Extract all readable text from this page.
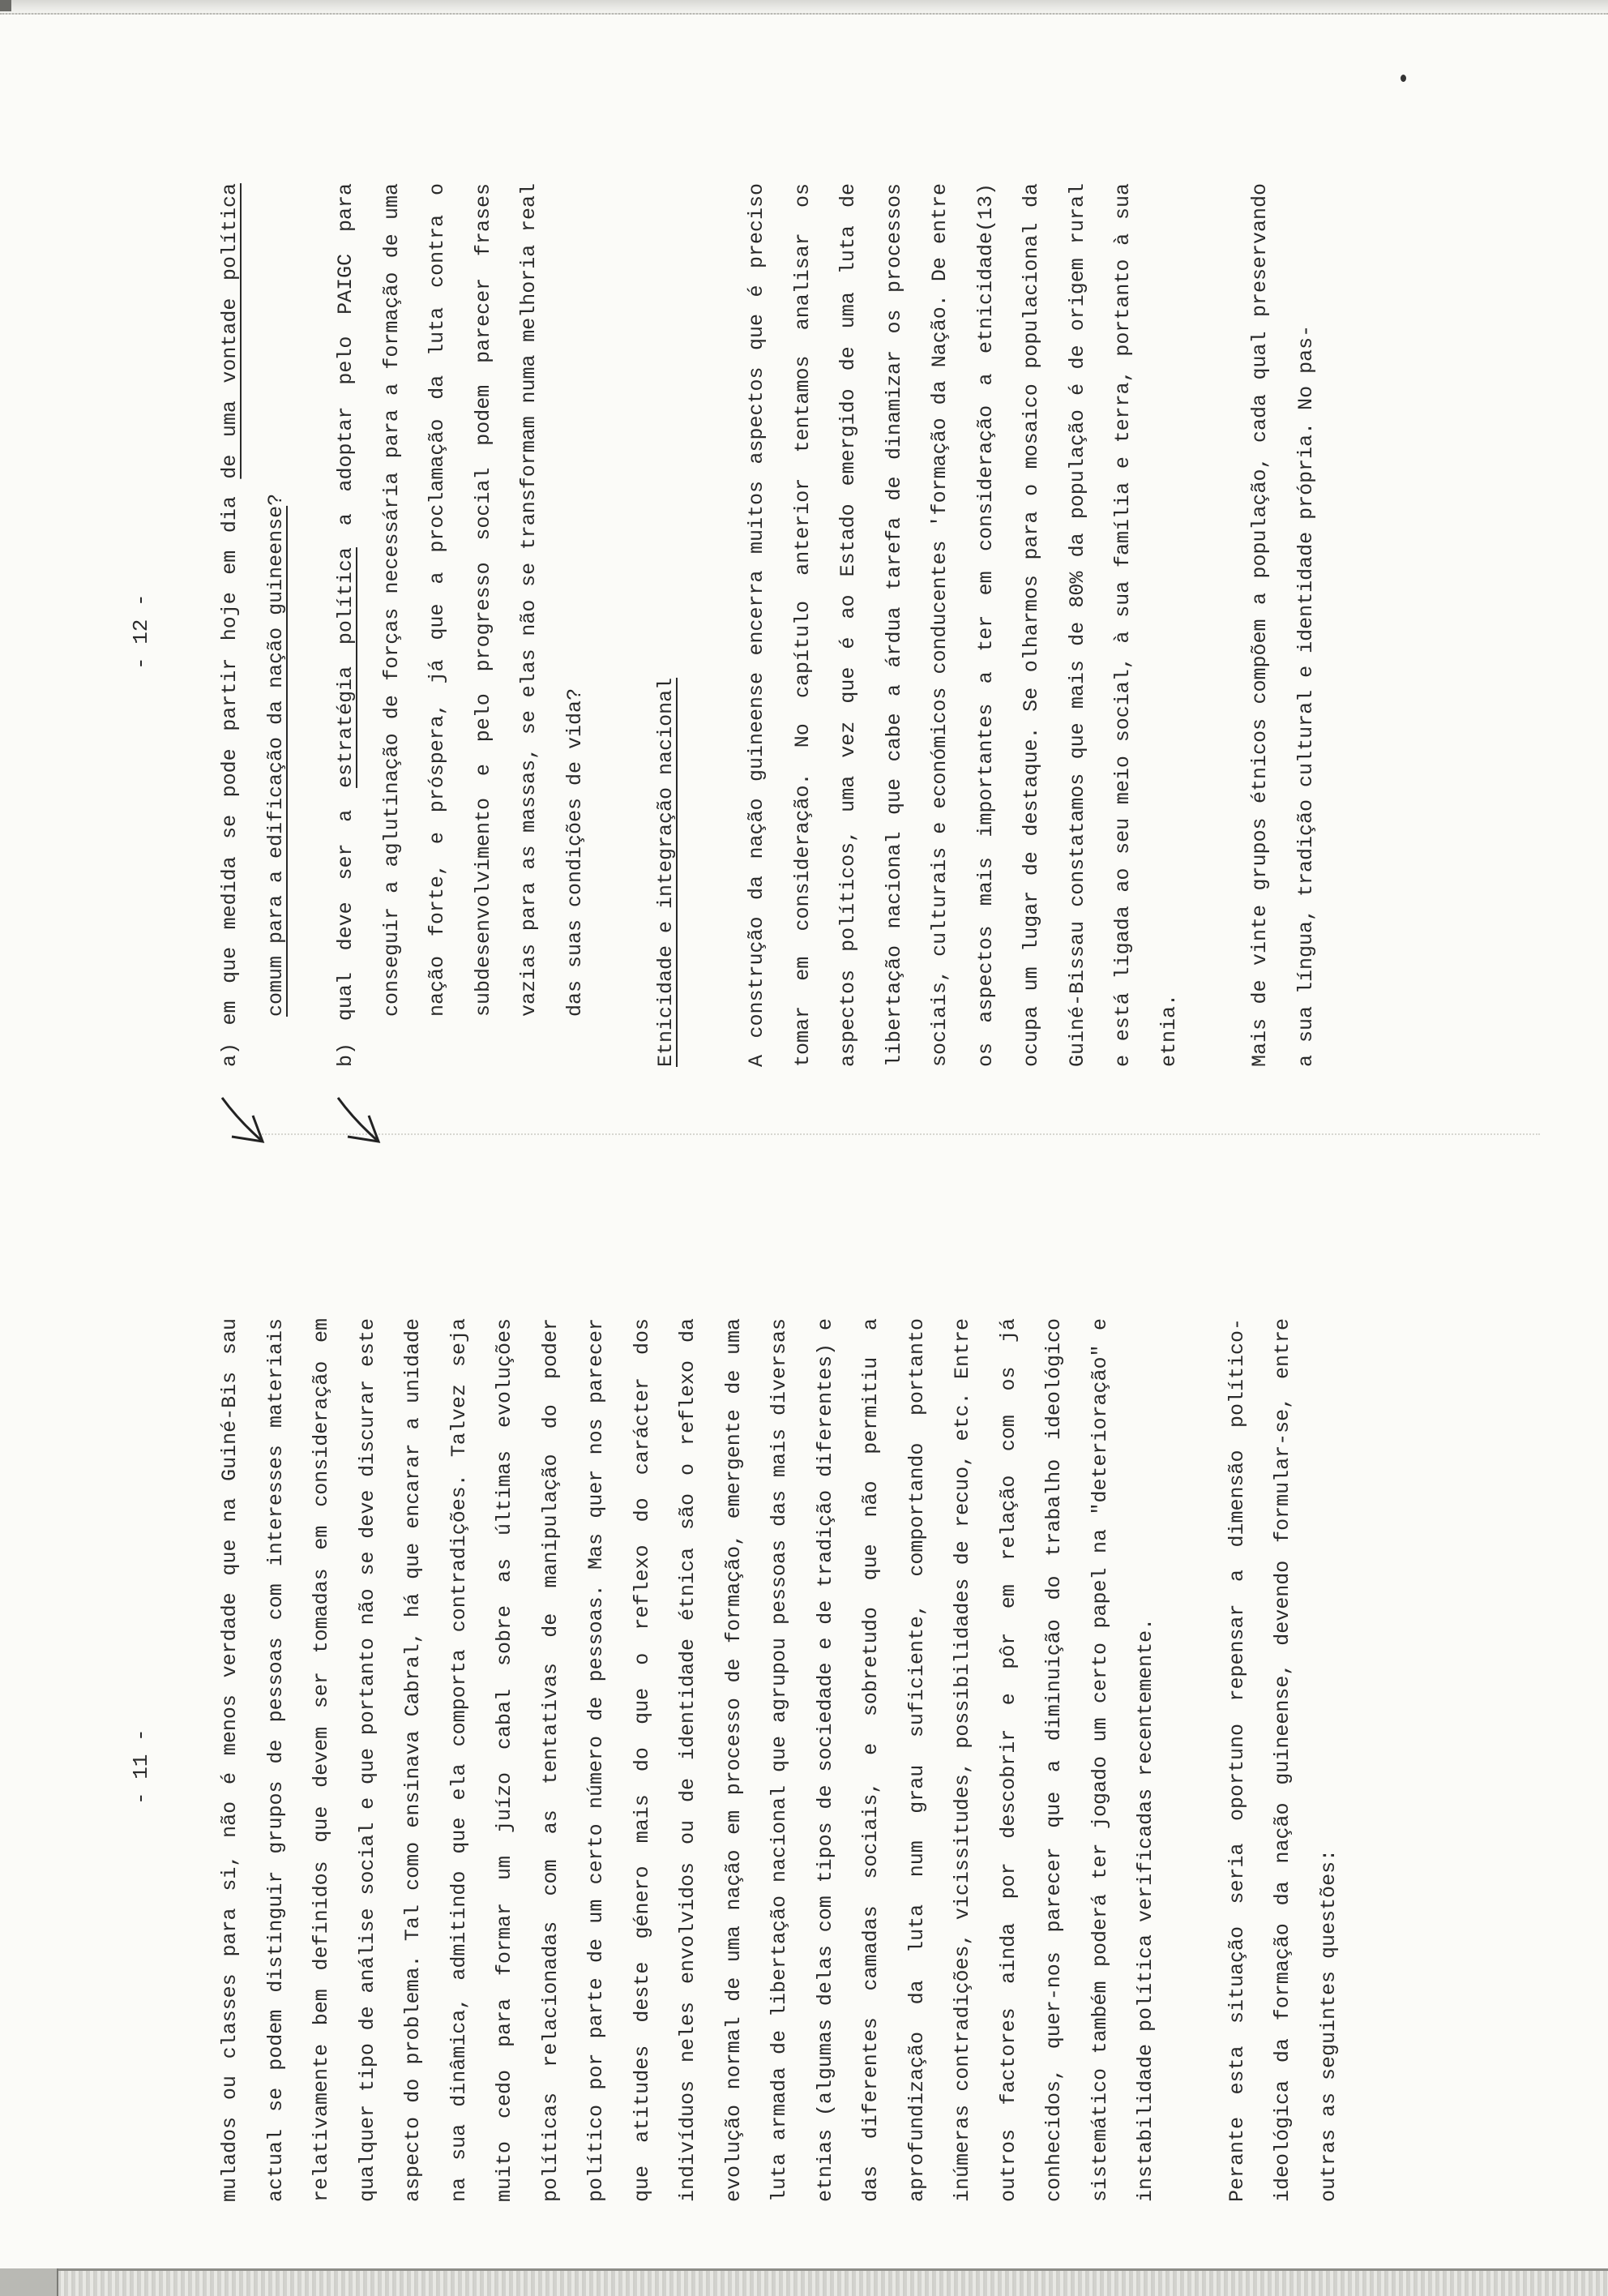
- 11 -	mulados ou classes para si, não é menos verdade que na Guiné-Bis sau actual se podem distinguir grupos de pessoas com interesses materiais relativamente bem definidos que devem ser tomadas em consideração em qualquer tipo de análise social e que portanto não se deve discurar este aspecto do problema. Tal como ensinava Cabral, há que encarar a unidade na sua dinâmica, admitindo que ela comporta contradições. Talvez seja muito cedo para formar um juízo cabal sobre as últimas evoluções políticas relacionadas com as tentativas de manipulação do poder político por parte de um certo número de pessoas. Mas quer nos parecer que atitudes deste género mais do que o reflexo do carácter dos indivíduos neles envolvidos ou de identidade étnica são o reflexo da evolução normal de uma nação em processo de formação, emergente de uma luta armada de libertação nacional que agrupou pessoas das mais diversas etnias (algumas delas com tipos de sociedade e de tradição diferentes) e das diferentes camadas sociais, e sobretudo que não permitiu a aprofundização da luta num grau suficiente, comportando portanto inúmeras contradições, vicissitudes, possibilidades de recuo, etc. Entre outros factores ainda por descobrir e pôr em relação com os já conhecidos, quer-nos parecer que a diminuição do trabalho ideológico sistemático também poderá ter jogado um certo papel na "deterioração" e instabilidade política verificadas recentemente.	Perante esta situação seria oportuno repensar a dimensão político-ideológica da formação da nação guineense, devendo formular-se, entre outras as seguintes questões:

- 12 -

a) em que medida se pode partir hoje em dia de uma vontade política comum para a edificação da nação guineense?

b) qual deve ser a estratégia política a adoptar pelo PAIGC para conseguir a aglutinação de forças necessária para a formação de uma nação forte, e próspera, já que a proclamação da luta contra o subdesenvolvimento e pelo progresso social podem parecer frases vazias para as massas, se elas não se transformam numa melhoria real das suas condições de vida?	Etnicidade e integração nacional	A construção da nação guineense encerra muitos aspectos que é preciso tomar em consideração. No capítulo anterior tentamos analisar os aspectos políticos, uma vez que é ao Estado emergido de uma luta de libertação nacional que cabe a árdua tarefa de dinamizar os processos sociais, culturais e económicos conducentes 'formação da Nação. De entre os aspectos mais importantes a ter em consideração a etnicidade(13) ocupa um lugar de destaque. Se olharmos para o mosaico populacional da Guiné-Bissau constatamos que mais de 80% da população é de origem rural e está ligada ao seu meio social, à sua família e terra, portanto à sua etnia.	Mais de vinte grupos étnicos compõem a população, cada qual preservando a sua língua, tradição cultural e identidade própria. No pas-
